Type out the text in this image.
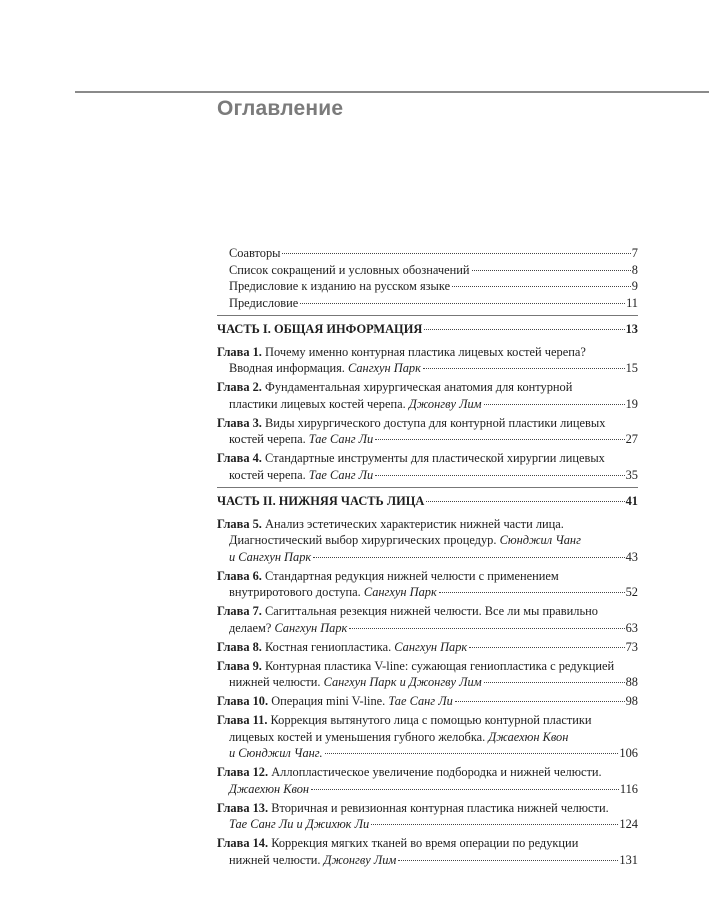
Оглавление
Соавторы	7
Список сокращений и условных обозначений	8
Предисловие к изданию на русском языке	9
Предисловие	11
ЧАСТЬ I. ОБЩАЯ ИНФОРМАЦИЯ	13
Глава 1. Почему именно контурная пластика лицевых костей черепа?
Вводная информация. Сангхун Парк	15
Глава 2. Фундаментальная хирургическая анатомия для контурной
пластики лицевых костей черепа. Джонгву Лим	19
Глава 3. Виды хирургического доступа для контурной пластики лицевых
костей черепа. Тае Санг Ли	27
Глава 4. Стандартные инструменты для пластической хирургии лицевых
костей черепа. Тае Санг Ли	35
ЧАСТЬ II. НИЖНЯЯ ЧАСТЬ ЛИЦА	41
Глава 5. Анализ эстетических характеристик нижней части лица.
Диагностический выбор хирургических процедур. Сюнджил Чанг
и Сангхун Парк	43
Глава 6. Стандартная редукция нижней челюсти с применением
внутриротового доступа. Сангхун Парк	52
Глава 7. Сагиттальная резекция нижней челюсти. Все ли мы правильно
делаем? Сангхун Парк	63
Глава 8. Костная гениопластика. Сангхун Парк	73
Глава 9. Контурная пластика V-line: сужающая гениопластика с редукцией
нижней челюсти. Сангхун Парк и Джонгву Лим	88
Глава 10. Операция mini V-line. Тае Санг Ли	98
Глава 11. Коррекция вытянутого лица с помощью контурной пластики
лицевых костей и уменьшения губного желобка. Джаехюн Квон
и Сюнджил Чанг.	106
Глава 12. Аллопластическое увеличение подбородка и нижней челюсти.
Джаехюн Квон	116
Глава 13. Вторичная и ревизионная контурная пластика нижней челюсти.
Тае Санг Ли и Джихюк Ли	124
Глава 14. Коррекция мягких тканей во время операции по редукции
нижней челюсти. Джонгву Лим	131
